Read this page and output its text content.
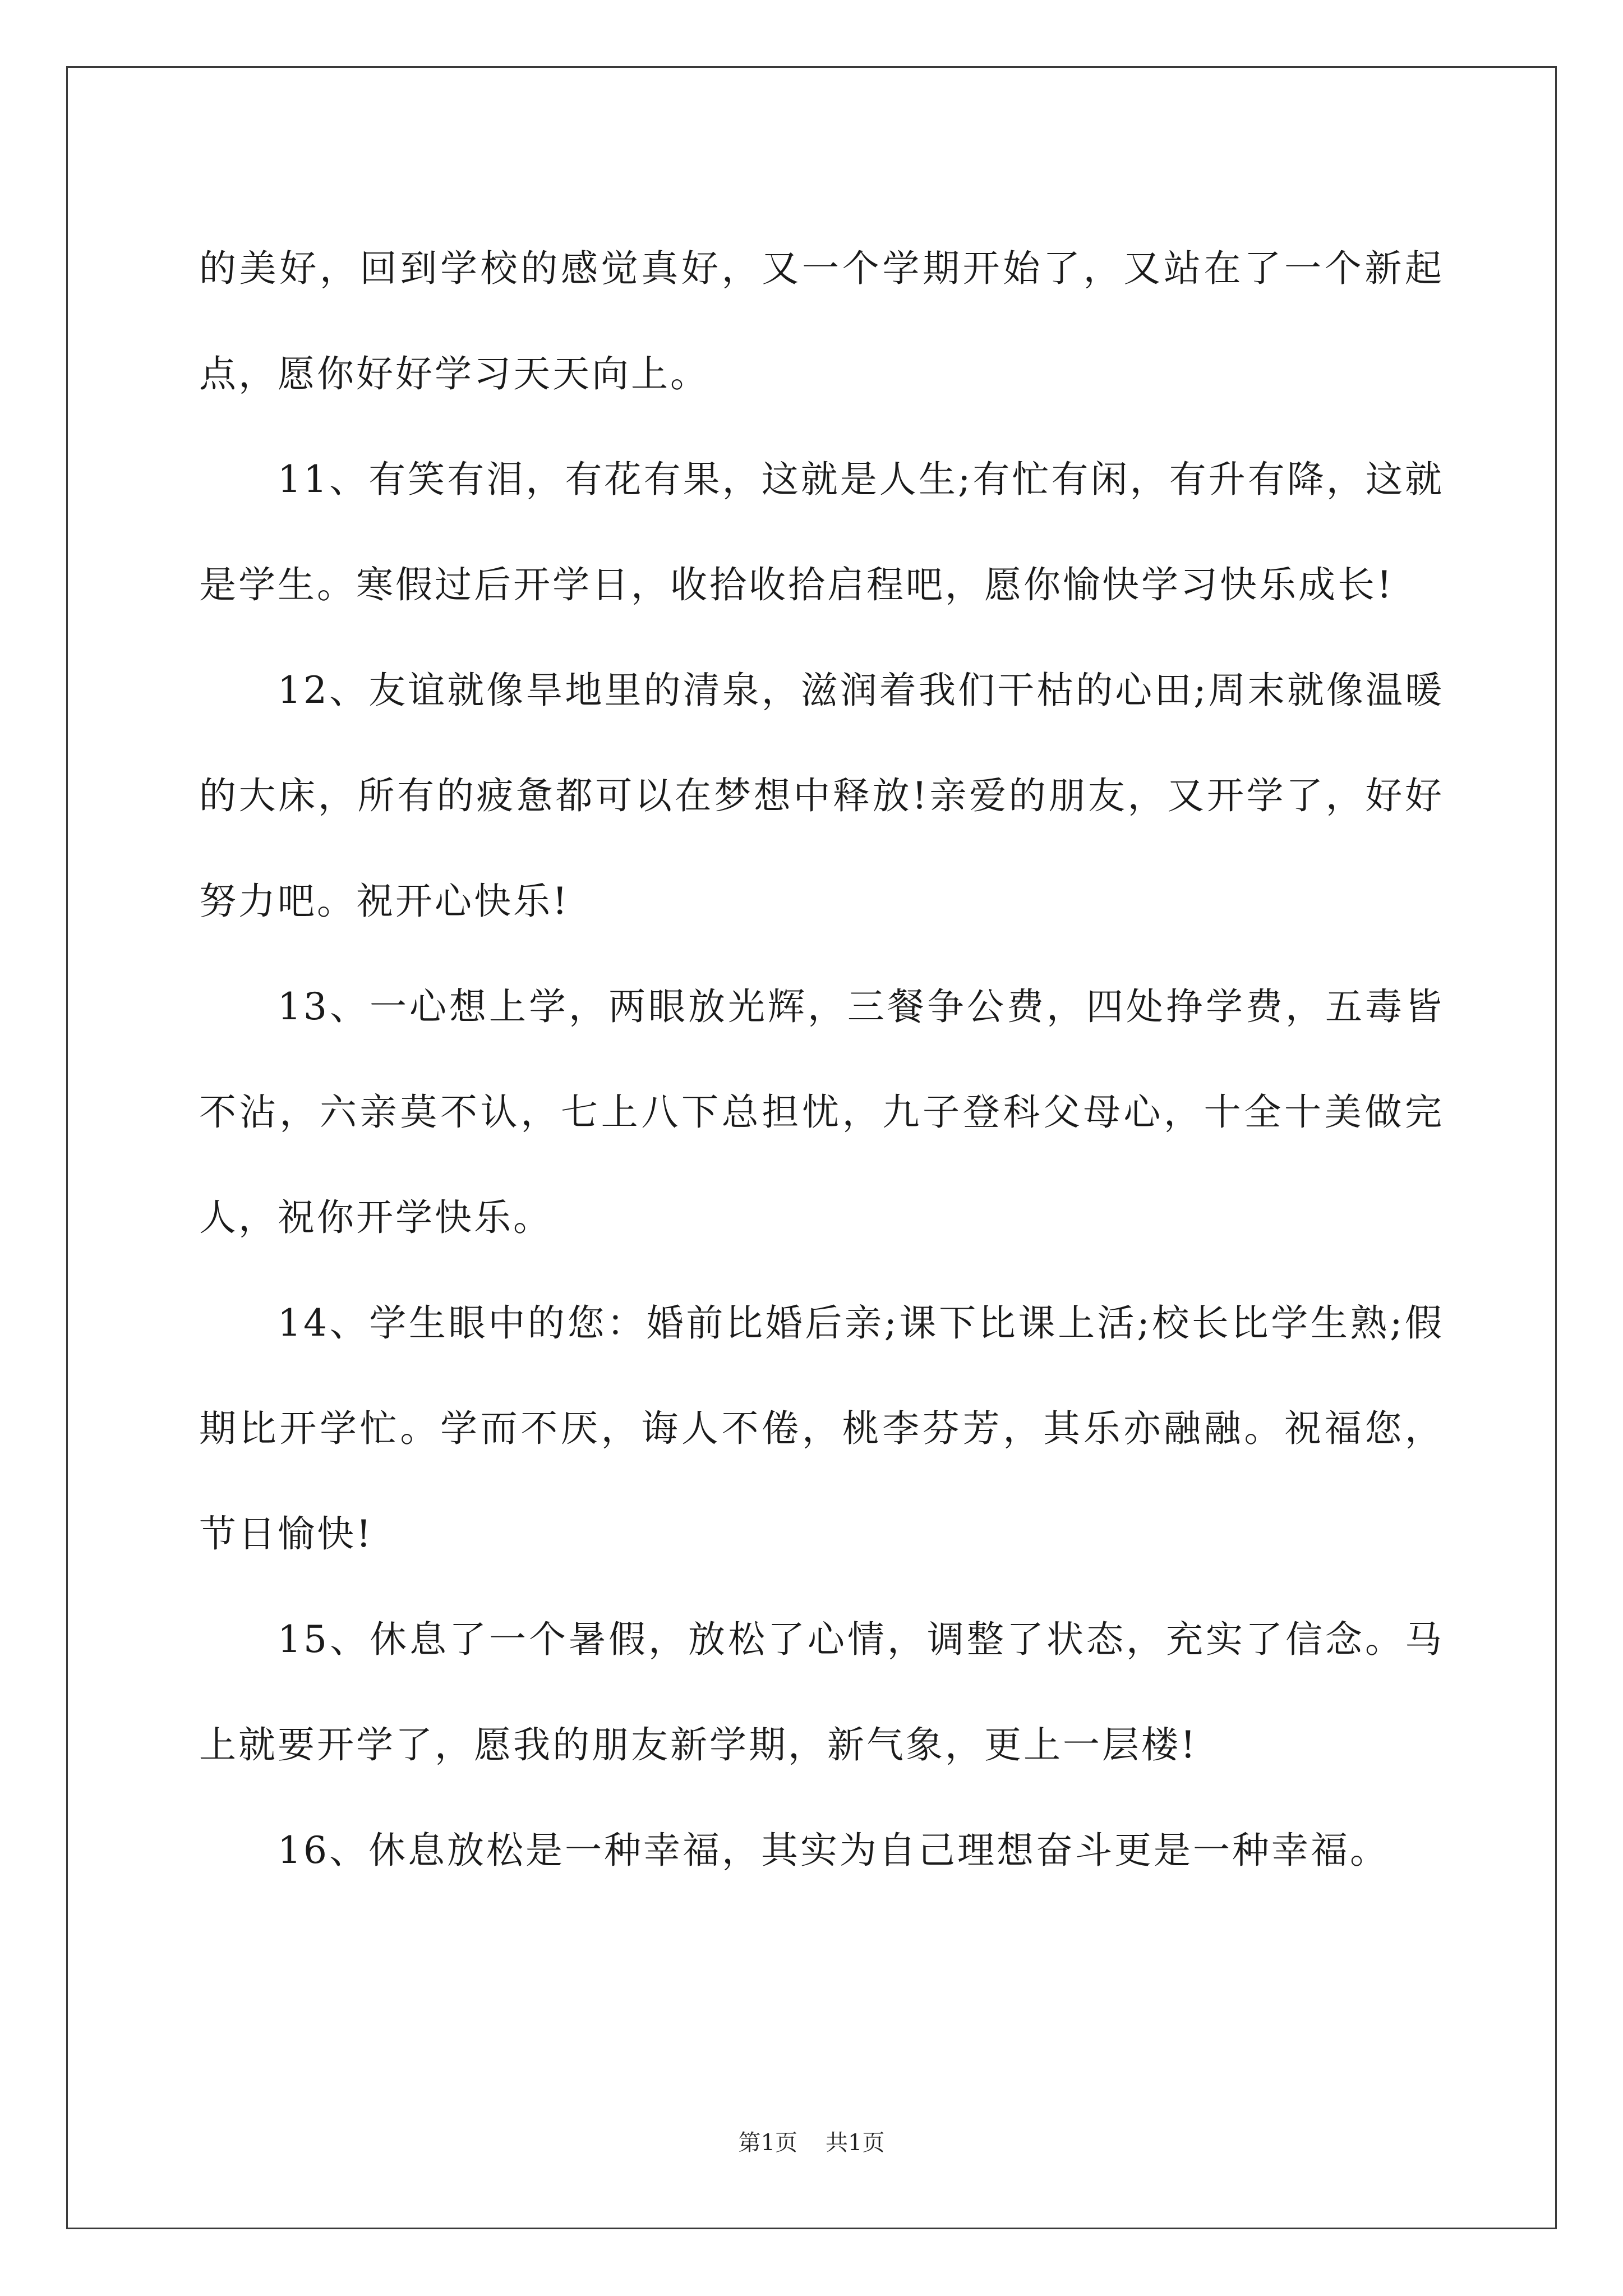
的美好，回到学校的感觉真好，又一个学期开始了，又站在了一个新起点，愿你好好学习天天向上。

11、有笑有泪，有花有果，这就是人生;有忙有闲，有升有降，这就是学生。寒假过后开学日，收拾收拾启程吧，愿你愉快学习快乐成长!

12、友谊就像旱地里的清泉，滋润着我们干枯的心田;周末就像温暖的大床，所有的疲惫都可以在梦想中释放!亲爱的朋友，又开学了，好好努力吧。祝开心快乐!

13、一心想上学，两眼放光辉，三餐争公费，四处挣学费，五毒皆不沾，六亲莫不认，七上八下总担忧，九子登科父母心，十全十美做完人，祝你开学快乐。

14、学生眼中的您：婚前比婚后亲;课下比课上活;校长比学生熟;假期比开学忙。学而不厌，诲人不倦，桃李芬芳，其乐亦融融。祝福您，节日愉快!

15、休息了一个暑假，放松了心情，调整了状态，充实了信念。马上就要开学了，愿我的朋友新学期，新气象，更上一层楼!

16、休息放松是一种幸福，其实为自己理想奋斗更是一种幸福。

第1页 共1页
